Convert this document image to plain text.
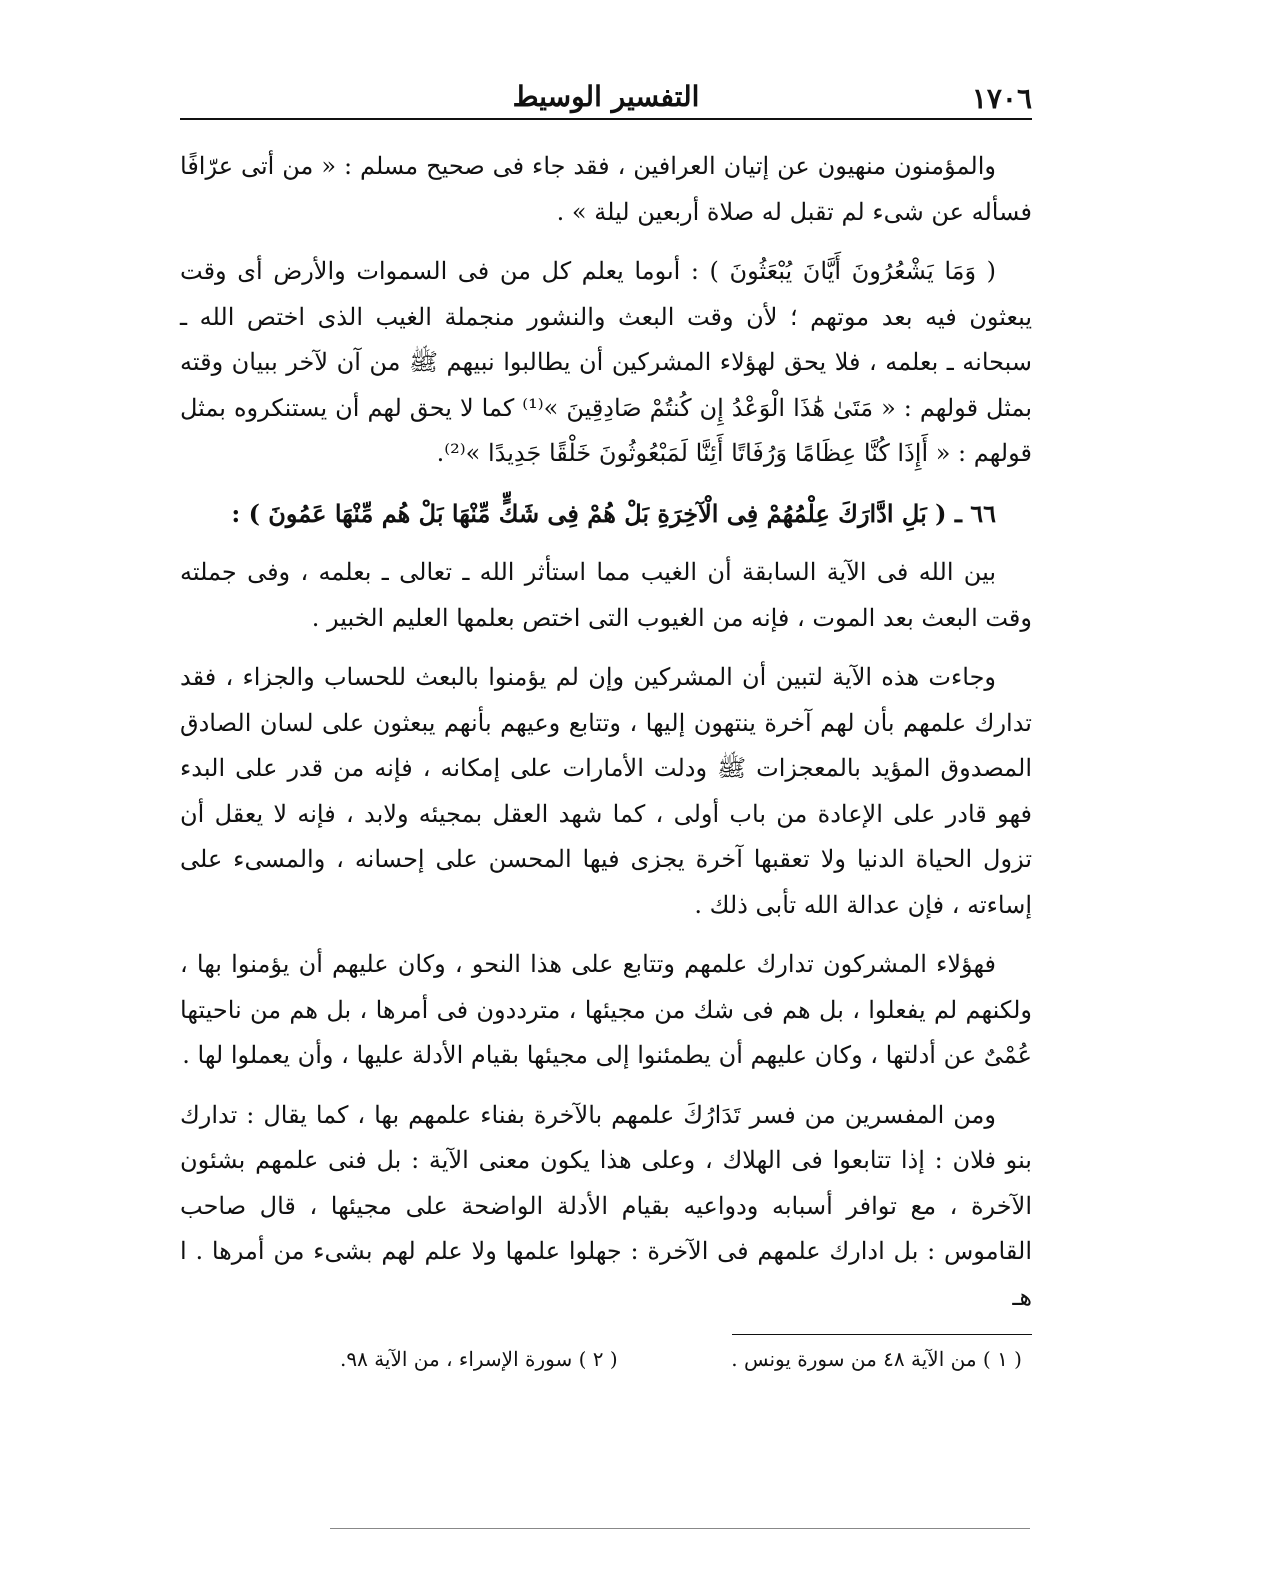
١٧٠٦
التفسير الوسيط

والمؤمنون منهيون عن إتيان العرافين ، فقد جاء فى صحيح مسلم : « من أتى عرّافًا فسأله عن شىء لم تقبل له صلاة أربعين ليلة » .

( وَمَا يَشْعُرُونَ أَيَّانَ يُبْعَثُونَ ) : أىوما يعلم كل من فى السموات والأرض أى وقت يبعثون فيه بعد موتهم ؛ لأن وقت البعث والنشور منجملة الغيب الذى اختص الله ـ سبحانه ـ بعلمه ، فلا يحق لهؤلاء المشركين أن يطالبوا نبيهم ﷺ من آن لآخر ببيان وقته بمثل قولهم : « مَتَىٰ هَٰذَا الْوَعْدُ إِن كُنتُمْ صَادِقِينَ »⁽¹⁾ كما لا يحق لهم أن يستنكروه بمثل قولهم : « أَإِذَا كُنَّا عِظَامًا وَرُفَاتًا أَئِنَّا لَمَبْعُوثُونَ خَلْقًا جَدِيدًا »⁽²⁾.

٦٦ ـ ( بَلِ ادَّارَكَ عِلْمُهُمْ فِى الْآخِرَةِ بَلْ هُمْ فِى شَكٍّ مِّنْهَا بَلْ هُم مِّنْهَا عَمُونَ ) :

بين الله فى الآية السابقة أن الغيب مما استأثر الله ـ تعالى ـ بعلمه ، وفى جملته وقت البعث بعد الموت ، فإنه من الغيوب التى اختص بعلمها العليم الخبير .

وجاءت هذه الآية لتبين أن المشركين وإن لم يؤمنوا بالبعث للحساب والجزاء ، فقد تدارك علمهم بأن لهم آخرة ينتهون إليها ، وتتابع وعيهم بأنهم يبعثون على لسان الصادق المصدوق المؤيد بالمعجزات ﷺ ودلت الأمارات على إمكانه ، فإنه من قدر على البدء فهو قادر على الإعادة من باب أولى ، كما شهد العقل بمجيئه ولابد ، فإنه لا يعقل أن تزول الحياة الدنيا ولا تعقبها آخرة يجزى فيها المحسن على إحسانه ، والمسىء على إساءته ، فإن عدالة الله تأبى ذلك .

فهؤلاء المشركون تدارك علمهم وتتابع على هذا النحو ، وكان عليهم أن يؤمنوا بها ، ولكنهم لم يفعلوا ، بل هم فى شك من مجيئها ، مترددون فى أمرها ، بل هم من ناحيتها عُمْىٌ عن أدلتها ، وكان عليهم أن يطمئنوا إلى مجيئها بقيام الأدلة عليها ، وأن يعملوا لها .

ومن المفسرين من فسر تَدَارُكَ علمهم بالآخرة بفناء علمهم بها ، كما يقال : تدارك بنو فلان : إذا تتابعوا فى الهلاك ، وعلى هذا يكون معنى الآية : بل فنى علمهم بشئون الآخرة ، مع توافر أسبابه ودواعيه بقيام الأدلة الواضحة على مجيئها ، قال صاحب القاموس : بل ادارك علمهم فى الآخرة : جهلوا علمها ولا علم لهم بشىء من أمرها . ا هـ

( ١ ) من الآية ٤٨ من سورة يونس .
( ٢ ) سورة الإسراء ، من الآية ٩٨.
